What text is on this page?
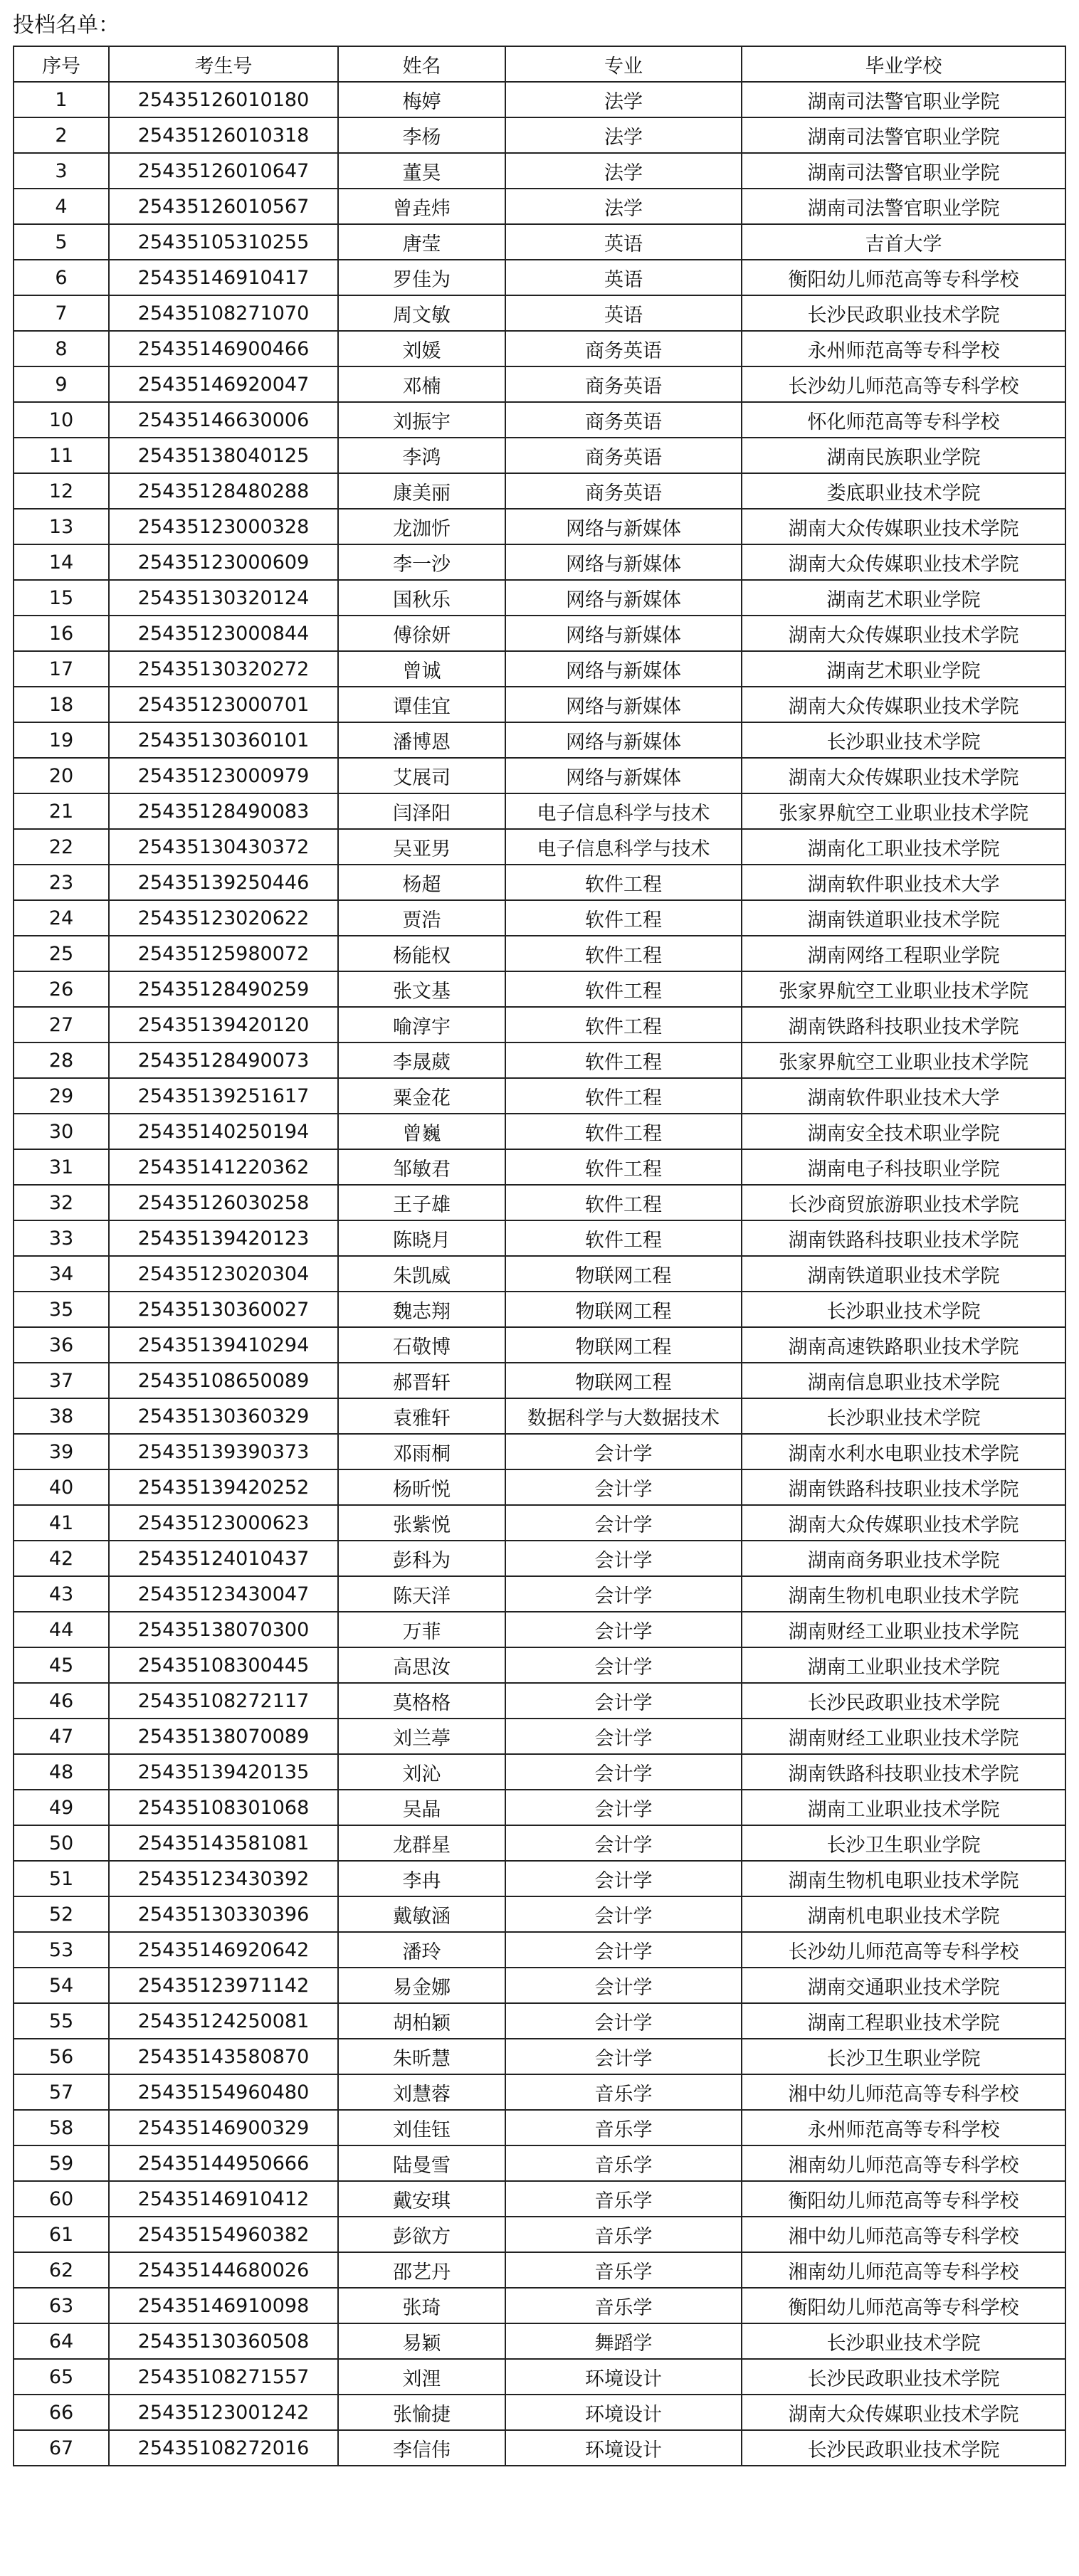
投档名单：
序号	考生号	姓名	专业	毕业学校
1	25435126010180	梅婷	法学	湖南司法警官职业学院
2	25435126010318	李杨	法学	湖南司法警官职业学院
3	25435126010647	董昊	法学	湖南司法警官职业学院
4	25435126010567	曾垚炜	法学	湖南司法警官职业学院
5	25435105310255	唐莹	英语	吉首大学
6	25435146910417	罗佳为	英语	衡阳幼儿师范高等专科学校
7	25435108271070	周文敏	英语	长沙民政职业技术学院
8	25435146900466	刘媛	商务英语	永州师范高等专科学校
9	25435146920047	邓楠	商务英语	长沙幼儿师范高等专科学校
10	25435146630006	刘振宇	商务英语	怀化师范高等专科学校
11	25435138040125	李鸿	商务英语	湖南民族职业学院
12	25435128480288	康美丽	商务英语	娄底职业技术学院
13	25435123000328	龙泇忻	网络与新媒体	湖南大众传媒职业技术学院
14	25435123000609	李一沙	网络与新媒体	湖南大众传媒职业技术学院
15	25435130320124	国秋乐	网络与新媒体	湖南艺术职业学院
16	25435123000844	傅徐妍	网络与新媒体	湖南大众传媒职业技术学院
17	25435130320272	曾诚	网络与新媒体	湖南艺术职业学院
18	25435123000701	谭佳宜	网络与新媒体	湖南大众传媒职业技术学院
19	25435130360101	潘博恩	网络与新媒体	长沙职业技术学院
20	25435123000979	艾展司	网络与新媒体	湖南大众传媒职业技术学院
21	25435128490083	闫泽阳	电子信息科学与技术	张家界航空工业职业技术学院
22	25435130430372	吴亚男	电子信息科学与技术	湖南化工职业技术学院
23	25435139250446	杨超	软件工程	湖南软件职业技术大学
24	25435123020622	贾浩	软件工程	湖南铁道职业技术学院
25	25435125980072	杨能权	软件工程	湖南网络工程职业学院
26	25435128490259	张文基	软件工程	张家界航空工业职业技术学院
27	25435139420120	喻淳宇	软件工程	湖南铁路科技职业技术学院
28	25435128490073	李晟葳	软件工程	张家界航空工业职业技术学院
29	25435139251617	粟金花	软件工程	湖南软件职业技术大学
30	25435140250194	曾巍	软件工程	湖南安全技术职业学院
31	25435141220362	邹敏君	软件工程	湖南电子科技职业学院
32	25435126030258	王子雄	软件工程	长沙商贸旅游职业技术学院
33	25435139420123	陈晓月	软件工程	湖南铁路科技职业技术学院
34	25435123020304	朱凯威	物联网工程	湖南铁道职业技术学院
35	25435130360027	魏志翔	物联网工程	长沙职业技术学院
36	25435139410294	石敬博	物联网工程	湖南高速铁路职业技术学院
37	25435108650089	郝晋轩	物联网工程	湖南信息职业技术学院
38	25435130360329	袁雅轩	数据科学与大数据技术	长沙职业技术学院
39	25435139390373	邓雨桐	会计学	湖南水利水电职业技术学院
40	25435139420252	杨昕悦	会计学	湖南铁路科技职业技术学院
41	25435123000623	张紫悦	会计学	湖南大众传媒职业技术学院
42	25435124010437	彭科为	会计学	湖南商务职业技术学院
43	25435123430047	陈天洋	会计学	湖南生物机电职业技术学院
44	25435138070300	万菲	会计学	湖南财经工业职业技术学院
45	25435108300445	高思汝	会计学	湖南工业职业技术学院
46	25435108272117	莫格格	会计学	长沙民政职业技术学院
47	25435138070089	刘兰葶	会计学	湖南财经工业职业技术学院
48	25435139420135	刘沁	会计学	湖南铁路科技职业技术学院
49	25435108301068	吴晶	会计学	湖南工业职业技术学院
50	25435143581081	龙群星	会计学	长沙卫生职业学院
51	25435123430392	李冉	会计学	湖南生物机电职业技术学院
52	25435130330396	戴敏涵	会计学	湖南机电职业技术学院
53	25435146920642	潘玲	会计学	长沙幼儿师范高等专科学校
54	25435123971142	易金娜	会计学	湖南交通职业技术学院
55	25435124250081	胡柏颖	会计学	湖南工程职业技术学院
56	25435143580870	朱昕慧	会计学	长沙卫生职业学院
57	25435154960480	刘慧蓉	音乐学	湘中幼儿师范高等专科学校
58	25435146900329	刘佳钰	音乐学	永州师范高等专科学校
59	25435144950666	陆曼雪	音乐学	湘南幼儿师范高等专科学校
60	25435146910412	戴安琪	音乐学	衡阳幼儿师范高等专科学校
61	25435154960382	彭欲方	音乐学	湘中幼儿师范高等专科学校
62	25435144680026	邵艺丹	音乐学	湘南幼儿师范高等专科学校
63	25435146910098	张琦	音乐学	衡阳幼儿师范高等专科学校
64	25435130360508	易颖	舞蹈学	长沙职业技术学院
65	25435108271557	刘浬	环境设计	长沙民政职业技术学院
66	25435123001242	张愉捷	环境设计	湖南大众传媒职业技术学院
67	25435108272016	李信伟	环境设计	长沙民政职业技术学院
